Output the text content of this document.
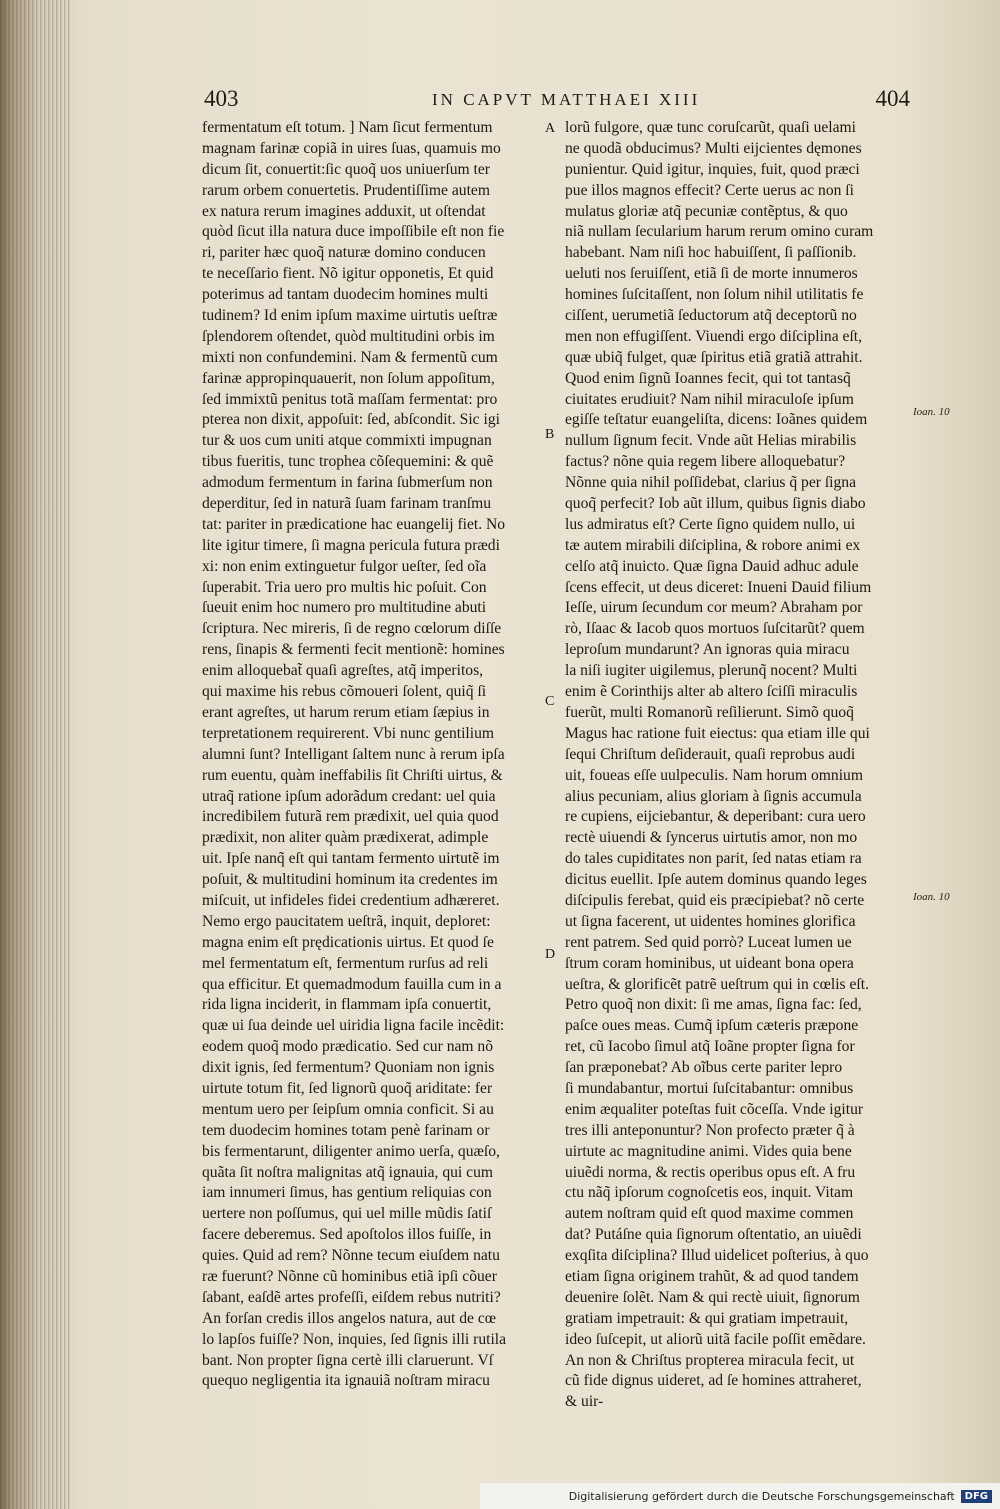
403	IN CAPVT MATTHAEI XIII	404
fermentatum eſt totum. ] Nam ſicut fermentum
magnam farinæ copiã in uires ſuas, quamuis mo
dicum ſit, conuertit:ſic quoq̃ uos uniuerſum ter
rarum orbem conuertetis. Prudentiſſime autem
ex natura rerum imagines adduxit, ut oſtendat
quòd ſicut illa natura duce impoſſibile eſt non fie
ri, pariter hæc quoq̃ naturæ domino conducen
te neceſſario fient. Nõ igitur opponetis, Et quid
poterimus ad tantam duodecim homines multi
tudinem? Id enim ipſum maxime uirtutis ueſtræ
ſplendorem oſtendet, quòd multitudini orbis im
mixti non confundemini. Nam & fermentũ cum
farinæ appropinquauerit, non ſolum appoſitum,
ſed immixtũ penitus totã maſſam fermentat: pro
pterea non dixit, appoſuit: ſed, abſcondit. Sic igi
tur & uos cum uniti atque commixti impugnan
tibus fueritis, tunc trophea cõſequemini: & quẽ
admodum fermentum in farina ſubmerſum non
deperditur, ſed in naturã ſuam farinam tranſmu
tat: pariter in prædicatione hac euangelij fiet. No
lite igitur timere, ſi magna pericula futura prædi
xi: non enim extinguetur fulgor ueſter, ſed oĩa
ſuperabit. Tria uero pro multis hic poſuit. Con
ſueuit enim hoc numero pro multitudine abuti
ſcriptura. Nec mireris, ſi de regno cœlorum diſſe
rens, ſinapis & fermenti fecit mentionẽ: homines
enim alloquebat̃ quaſi agreſtes, atq̃ imperitos,
qui maxime his rebus cõmoueri ſolent, quiq̃ ſi
erant agreſtes, ut harum rerum etiam ſæpius in
terpretationem requirerent. Vbi nunc gentilium
alumni ſunt? Intelligant ſaltem nunc à rerum ipſa
rum euentu, quàm ineffabilis ſit Chriſti uirtus, &
utraq̃ ratione ipſum adorãdum credant: uel quia
incredibilem futurã rem prædixit, uel quia quod
prædixit, non aliter quàm prædixerat, adimple
uit. Ipſe nanq̃ eſt qui tantam fermento uirtutẽ im
poſuit, & multitudini hominum ita credentes im
miſcuit, ut infideles fidei credentium adhæreret.
Nemo ergo paucitatem ueſtrã, inquit, deploret:
magna enim eſt prędicationis uirtus. Et quod ſe
mel fermentatum eſt, fermentum rurſus ad reli
qua efficitur. Et quemadmodum fauilla cum in a
rida ligna inciderit, in flammam ipſa conuertit,
quæ ui ſua deinde uel uiridia ligna facile incẽdit:
eodem quoq̃ modo prædicatio. Sed cur nam nõ
dixit ignis, ſed fermentum? Quoniam non ignis
uirtute totum fit, ſed lignorũ quoq̃ ariditate: fer
mentum uero per ſeipſum omnia conficit. Si au
tem duodecim homines totam penè farinam or
bis fermentarunt, diligenter animo uerſa, quæſo,
quãta ſit noſtra malignitas atq̃ ignauia, qui cum
iam innumeri ſimus, has gentium reliquias con
uertere non poſſumus, qui uel mille mũdis ſatiſ
facere deberemus. Sed apoſtolos illos fuiſſe, in
quies. Quid ad rem? Nõnne tecum eiuſdem natu
ræ fuerunt? Nõnne cũ hominibus etiã ipſi cõuer
ſabant, eaſdẽ artes profeſſi, eiſdem rebus nutriti?
An forſan credis illos angelos natura, aut de cœ
lo lapſos fuiſſe? Non, inquies, ſed ſignis illi rutila
bant. Non propter ſigna certè illi claruerunt. Vſ
quequo negligentia ita ignauiã noſtram miracu
lorũ fulgore, quæ tunc coruſcarũt, quaſi uelami
ne quodã obducimus? Multi eijcientes dęmones
punientur. Quid igitur, inquies, fuit, quod præci
pue illos magnos effecit? Certe uerus ac non ſi
mulatus gloriæ atq̃ pecuniæ contẽptus, & quo
niã nullam ſecularium harum rerum omino curam
habebant. Nam niſi hoc habuiſſent, ſi paſſionib.
ueluti nos ſeruiſſent, etiã ſi de morte innumeros
homines ſuſcitaſſent, non ſolum nihil utilitatis fe
ciſſent, uerumetiã ſeductorum atq̃ deceptorũ no
men non effugiſſent. Viuendi ergo diſciplina eſt,
quæ ubiq̃ fulget, quæ ſpiritus etiã gratiã attrahit.
Quod enim ſignũ Ioannes fecit, qui tot tantasq̃
ciuitates erudiuit? Nam nihil miraculoſe ipſum
egiſſe teſtatur euangeliſta, dicens: Ioãnes quidem
nullum ſignum fecit. Vnde aũt Helias mirabilis
factus? nõne quia regem libere alloquebatur?
Nõnne quia nihil poſſidebat, clarius q̃ per ſigna
quoq̃ perfecit? Iob aũt illum, quibus ſignis diabo
lus admiratus eſt? Certe ſigno quidem nullo, ui
tæ autem mirabili diſciplina, & robore animi ex
celſo atq̃ inuicto. Quæ ſigna Dauid adhuc adule
ſcens effecit, ut deus diceret: Inueni Dauid filium
Ieſſe, uirum ſecundum cor meum? Abraham por
rò, Iſaac & Iacob quos mortuos ſuſcitarũt? quem
leproſum mundarunt? An ignoras quia miracu
la niſi iugiter uigilemus, plerunq̃ nocent? Multi
enim ẽ Corinthijs alter ab altero ſciſſi miraculis
fuerũt, multi Romanorũ reſilierunt. Simõ quoq̃
Magus hac ratione fuit eiectus: qua etiam ille qui
ſequi Chriſtum deſiderauit, quaſi reprobus audi
uit, foueas eſſe uulpeculis. Nam horum omnium
alius pecuniam, alius gloriam à ſignis accumula
re cupiens, eijciebantur, & deperibant: cura uero
rectè uiuendi & ſyncerus uirtutis amor, non mo
do tales cupiditates non parit, ſed natas etiam ra
dicitus euellit. Ipſe autem dominus quando leges
diſcipulis ferebat, quid eis præcipiebat? nõ certe
ut ſigna facerent, ut uidentes homines glorifica
rent patrem. Sed quid porrò? Luceat lumen ue
ſtrum coram hominibus, ut uideant bona opera
ueſtra, & glorificẽt patrẽ ueſtrum qui in cœlis eſt.
Petro quoq̃ non dixit: ſi me amas, ſigna fac: ſed,
paſce oues meas. Cumq̃ ipſum cæteris præpone
ret, cũ Iacobo ſimul atq̃ Ioãne propter ſigna for
ſan præponebat? Ab oĩbus certe pariter lepro
ſi mundabantur, mortui ſuſcitabantur: omnibus
enim æqualiter poteſtas fuit cõceſſa. Vnde igitur
tres illi anteponuntur? Non profecto præter q̃ à
uirtute ac magnitudine animi. Vides quia bene
uiuẽdi norma, & rectis operibus opus eſt. A fru
ctu nãq̃ ipſorum cognoſcetis eos, inquit. Vitam
autem noſtram quid eſt quod maxime commen
dat? Putáſne quia ſignorum oſtentatio, an uiuẽdi
exqſita diſciplina? Illud uidelicet poſterius, à quo
etiam ſigna originem trahũt, & ad quod tandem
deuenire ſolẽt. Nam & qui rectè uiuit, ſignorum
gratiam impetrauit: & qui gratiam impetrauit,
ideo ſuſcepit, ut aliorũ uitã facile poſſit emẽdare.
An non & Chriſtus propterea miracula fecit, ut
cũ fide dignus uideret, ad ſe homines attraheret,
& uir-
A
B
C
D
Ioan. 10
Ioan. 10
Digitalisierung gefördert durch die Deutsche Forschungsgemeinschaft	DFG
